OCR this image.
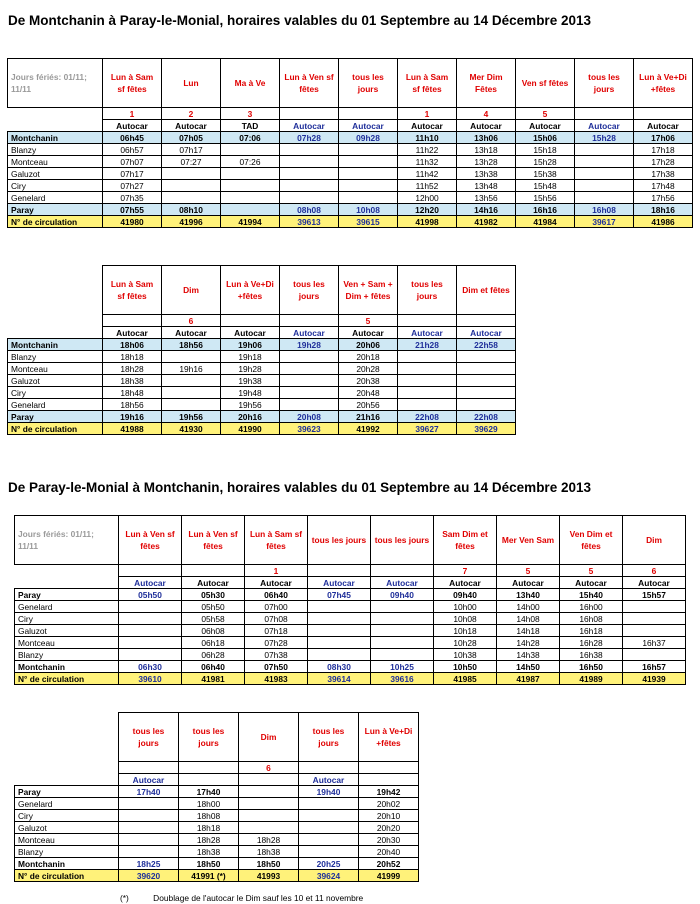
De Montchanin à Paray-le-Monial, horaires valables du 01 Septembre au 14 Décembre 2013
Jours fériés: 01/11; 11/11	Lun à Sam sf fêtes	Lun	Ma à Ve	Lun à Ven sf fêtes	tous les jours	Lun à Sam sf fêtes	Mer Dim Fêtes	Ven sf fêtes	tous les jours	Lun à Ve+Di +fêtes
	1	2	3			1	4	5		
	Autocar	Autocar	TAD	Autocar	Autocar	Autocar	Autocar	Autocar	Autocar	Autocar
Montchanin	06h45	07h05	07:06	07h28	09h28	11h10	13h06	15h06	15h28	17h06
Blanzy	06h57	07h17				11h22	13h18	15h18		17h18
Montceau	07h07	07:27	07:26			11h32	13h28	15h28		17h28
Galuzot	07h17					11h42	13h38	15h38		17h38
Ciry	07h27					11h52	13h48	15h48		17h48
Genelard	07h35					12h00	13h56	15h56		17h56
Paray	07h55	08h10		08h08	10h08	12h20	14h16	16h16	16h08	18h16
N° de circulation	41980	41996	41994	39613	39615	41998	41982	41984	39617	41986
	Lun à Sam sf fêtes	Dim	Lun à Ve+Di +fêtes	tous les jours	Ven + Sam + Dim + fêtes	tous les jours	Dim et fêtes
		6			5		
	Autocar	Autocar	Autocar	Autocar	Autocar	Autocar	Autocar
Montchanin	18h06	18h56	19h06	19h28	20h06	21h28	22h58
Blanzy	18h18		19h18		20h18		
Montceau	18h28	19h16	19h28		20h28		
Galuzot	18h38		19h38		20h38		
Ciry	18h48		19h48		20h48		
Genelard	18h56		19h56		20h56		
Paray	19h16	19h56	20h16	20h08	21h16	22h08	22h08
N° de circulation	41988	41930	41990	39623	41992	39627	39629
De Paray-le-Monial à Montchanin, horaires valables du 01 Septembre au 14 Décembre 2013
Jours fériés: 01/11; 11/11	Lun à Ven sf fêtes	Lun à Ven sf fêtes	Lun à Sam sf fêtes	tous les jours	tous les jours	Sam Dim et fêtes	Mer Ven Sam	Ven Dim et fêtes	Dim
			1			7	5	5	6
	Autocar	Autocar	Autocar	Autocar	Autocar	Autocar	Autocar	Autocar	Autocar
Paray	05h50	05h30	06h40	07h45	09h40	09h40	13h40	15h40	15h57
Genelard		05h50	07h00			10h00	14h00	16h00	
Ciry		05h58	07h08			10h08	14h08	16h08	
Galuzot		06h08	07h18			10h18	14h18	16h18	
Montceau		06h18	07h28			10h28	14h28	16h28	16h37
Blanzy		06h28	07h38			10h38	14h38	16h38	
Montchanin	06h30	06h40	07h50	08h30	10h25	10h50	14h50	16h50	16h57
N° de circulation	39610	41981	41983	39614	39616	41985	41987	41989	41939
	tous les jours	tous les jours	Dim	tous les jours	Lun à Ve+Di +fêtes
			6		
	Autocar			Autocar	
Paray	17h40	17h40		19h40	19h42
Genelard		18h00			20h02
Ciry		18h08			20h10
Galuzot		18h18			20h20
Montceau		18h28	18h28		20h30
Blanzy		18h38	18h38		20h40
Montchanin	18h25	18h50	18h50	20h25	20h52
N° de circulation	39620	41991 (*)	41993	39624	41999
(*)	Doublage de l'autocar le Dim sauf les 10 et 11 novembre
